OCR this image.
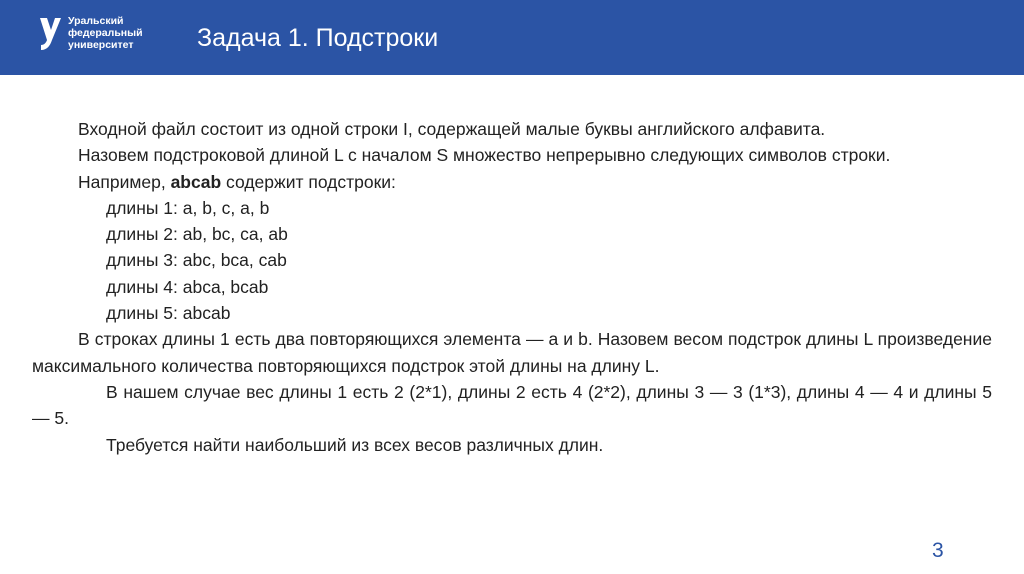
Уральский
федеральный
университет	Задача 1. Подстроки

Входной файл состоит из одной строки I, содержащей малые буквы английского алфавита.

Назовем подстроковой длиной L с началом S множество непрерывно следующих символов строки.

Например, abcab содержит подстроки:

длины 1: a, b, c, a, b

длины 2: ab, bc, ca, ab

длины 3: abc, bca, cab

длины 4: abca, bcab

длины 5: abcab

В строках длины 1 есть два повторяющихся элемента — a и b. Назовем весом подстрок длины L произведение максимального количества повторяющихся подстрок этой длины на длину L.

В нашем случае вес длины 1 есть 2 (2*1), длины 2 есть 4 (2*2), длины 3 — 3 (1*3), длины 4 — 4 и длины 5 — 5.

Требуется найти наибольший из всех весов различных длин.

3
